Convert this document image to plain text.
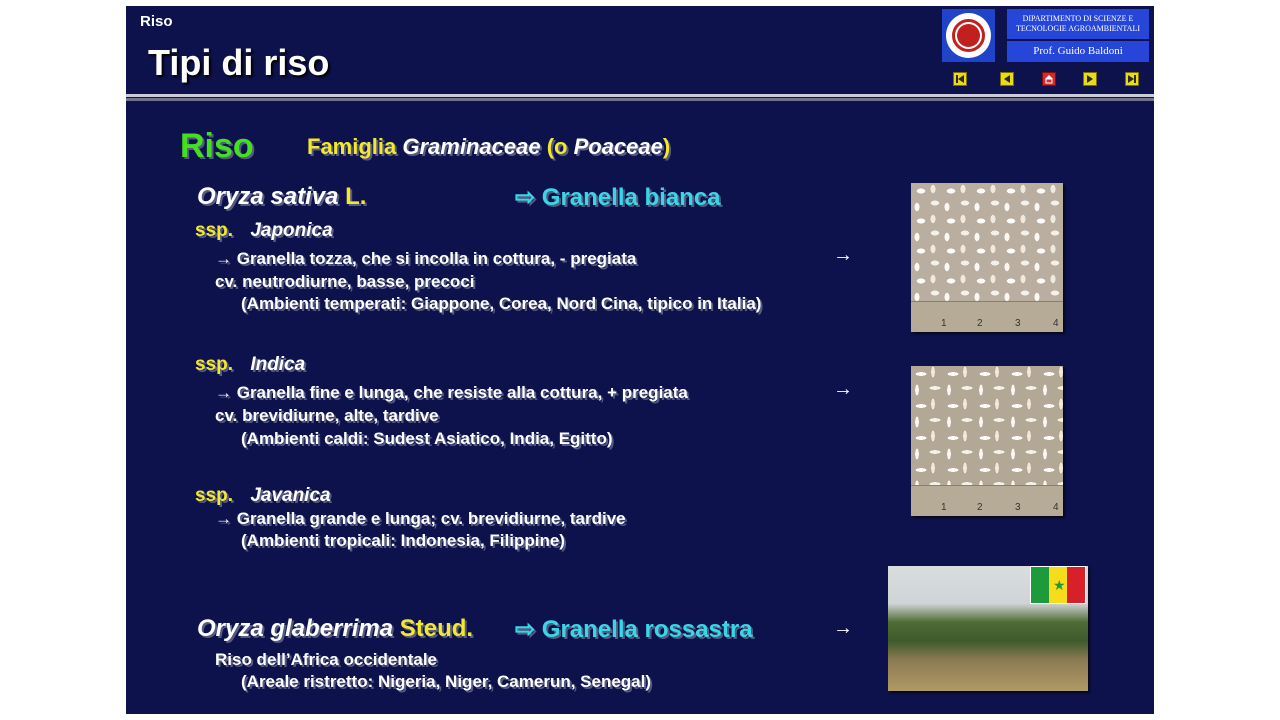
Riso
Tipi di riso
DIPARTIMENTO DI SCIENZE E
TECNOLOGIE AGROAMBIENTALI
Prof. Guido Baldoni
Riso Famiglia Graminaceae (o Poaceae)
Oryza sativa L.	⇨ Granella bianca
ssp. Japonica
→ Granella tozza, che si incolla in cottura, - pregiata
cv. neutrodiurne, basse, precoci
(Ambienti temperati: Giappone, Corea, Nord Cina, tipico in Italia)
→
ssp. Indica
→ Granella fine e lunga, che resiste alla cottura, + pregiata
cv. brevidiurne, alte, tardive
(Ambienti caldi: Sudest Asiatico, India, Egitto)
→
ssp. Javanica
→ Granella grande e lunga; cv. brevidiurne, tardive
(Ambienti tropicali: Indonesia, Filippine)
Oryza glaberrima Steud. ⇨ Granella rossastra	→
Riso dell’Africa occidentale
(Areale ristretto: Nigeria, Niger, Camerun, Senegal)
1	2	3	4
1	2	3	4
★
